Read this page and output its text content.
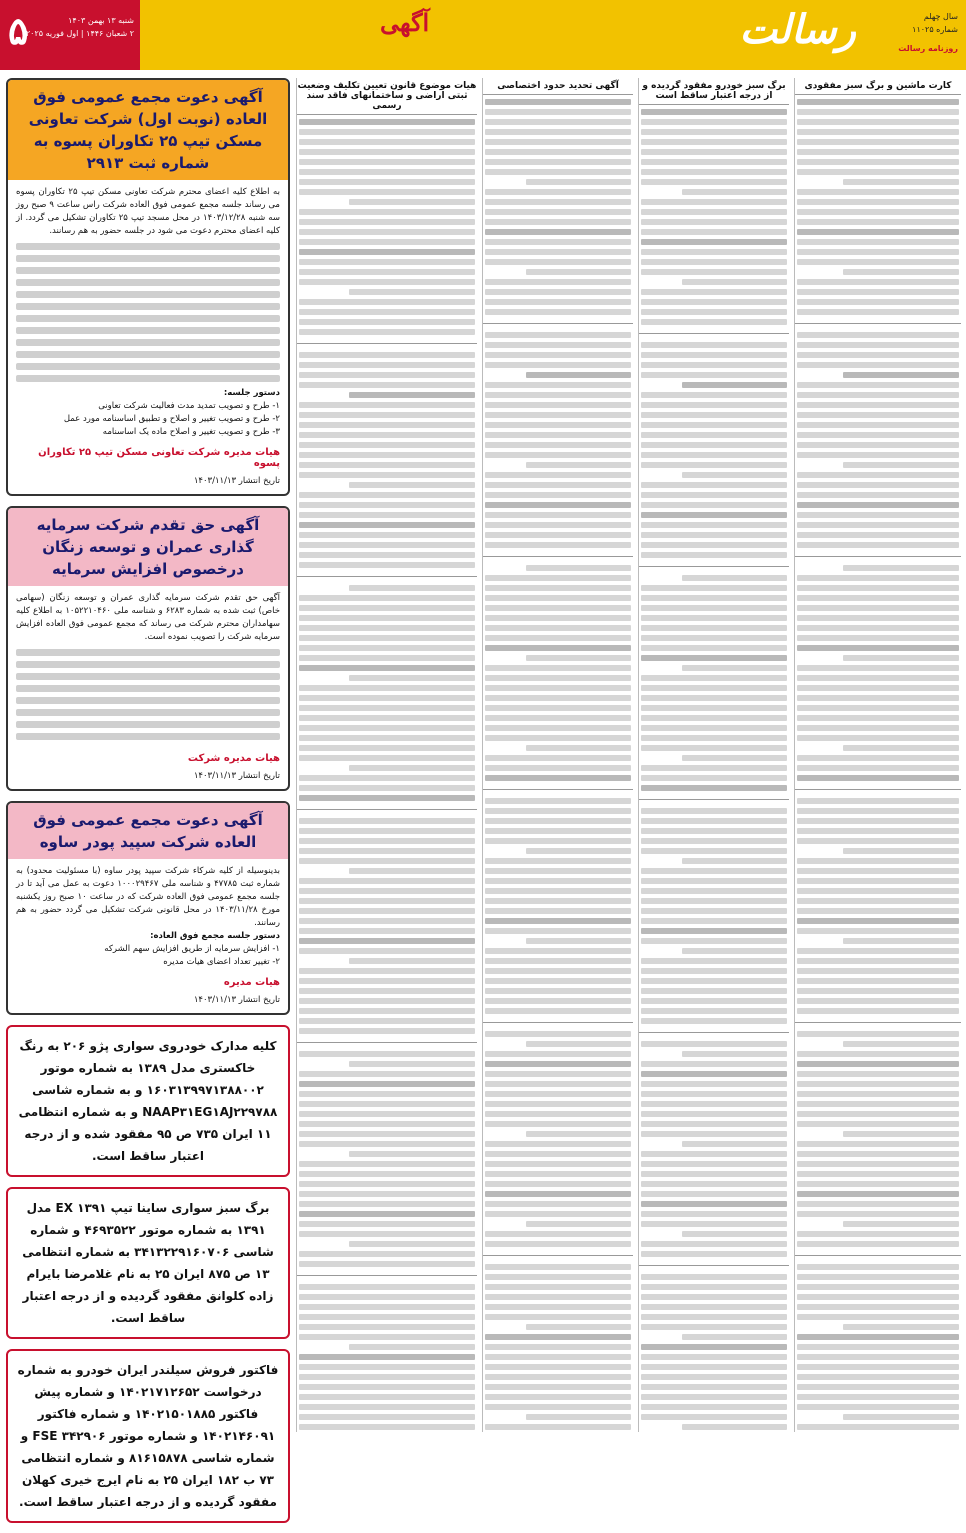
۵	شنبه ۱۳ بهمن ۱۴۰۳
۲ شعبان ۱۴۴۶ | اول فوریه ۲۰۲۵	آگهی	رسالت	سال چهلم
شماره ۱۱۰۲۵
روزنامه رسالت
آگهی دعوت مجمع عمومی فوق العاده (نوبت اول) شرکت تعاونی مسکن تیپ ۲۵ تکاوران پسوه به شماره ثبت ۲۹۱۳
به اطلاع کلیه اعضای محترم شرکت تعاونی مسکن تیپ ۲۵ تکاوران پسوه می رساند جلسه مجمع عمومی فوق العاده شرکت راس ساعت ۹ صبح روز سه شنبه ۱۴۰۳/۱۲/۲۸ در محل مسجد تیپ ۲۵ تکاوران تشکیل می گردد. از کلیه اعضای محترم دعوت می شود در جلسه حضور به هم رسانند.
دستور جلسه:
۱- طرح و تصویب تمدید مدت فعالیت شرکت تعاونی
۲- طرح و تصویب تغییر و اصلاح و تطبیق اساسنامه مورد عمل
۳- طرح و تصویب تغییر و اصلاح ماده یک اساسنامه
هیات مدیره شرکت تعاونی مسکن تیپ ۲۵ تکاوران پسوه
تاریخ انتشار ۱۴۰۳/۱۱/۱۳
آگهی حق تقدم شرکت سرمایه گذاری عمران و توسعه زنگان درخصوص افزایش سرمایه
آگهی حق تقدم شرکت سرمایه گذاری عمران و توسعه زنگان (سهامی خاص) ثبت شده به شماره ۶۲۸۳ و شناسه ملی ۱۰۵۲۲۱۰۴۶۰ به اطلاع کلیه سهامداران محترم شرکت می رساند که مجمع عمومی فوق العاده افزایش سرمایه شرکت را تصویب نموده است.
هیات مدیره شرکت
تاریخ انتشار ۱۴۰۳/۱۱/۱۳
آگهی دعوت مجمع عمومی فوق العاده شرکت سپید پودر ساوه
بدینوسیله از کلیه شرکاء شرکت سپید پودر ساوه (با مسئولیت محدود) به شماره ثبت ۴۷۷۸۵ و شناسه ملی ۱۰۰۰۲۹۴۶۷ دعوت به عمل می آید تا در جلسه مجمع عمومی فوق العاده شرکت که در ساعت ۱۰ صبح روز یکشنبه مورخ ۱۴۰۳/۱۱/۲۸ در محل قانونی شرکت تشکیل می گردد حضور به هم رسانند.
دستور جلسه مجمع فوق العاده:
۱- افزایش سرمایه از طریق افزایش سهم الشرکه
۲- تغییر تعداد اعضای هیات مدیره
هیات مدیره
تاریخ انتشار ۱۴۰۳/۱۱/۱۳
کلیه مدارک خودروی سواری پژو ۲۰۶ به رنگ خاکستری مدل ۱۳۸۹ به شماره موتور ۱۶۰۳۱۳۹۹۷۱۳۸۸۰۰۲ و به شماره شاسی NAAP۳۱EG۱AJ۲۲۹۷۸۸ و به شماره انتظامی ۱۱ ایران ۷۳۵ ص ۹۵ مفقود شده و از درجه اعتبار ساقط است.
برگ سبز سواری ساینا تیپ ۱۳۹۱ EX مدل ۱۳۹۱ به شماره موتور ۴۶۹۳۵۲۲ و شماره شاسی ۳۴۱۳۲۲۹۱۶۰۷۰۶ به شماره انتظامی ۱۳ ص ۸۷۵ ایران ۲۵ به نام غلامرضا بایرام زاده کلوانق مفقود گردیده و از درجه اعتبار ساقط است.
فاکتور فروش سیلندر ایران خودرو به شماره درخواست ۱۴۰۲۱۷۱۲۶۵۲ و شماره پیش فاکتور ۱۴۰۲۱۵۰۱۸۸۵ و شماره فاکتور ۱۴۰۲۱۴۶۰۹۱ و شماره موتور ۳۴۲۹۰۶ FSE و شماره شاسی ۸۱۶۱۵۸۷۸ و شماره انتظامی ۷۳ ب ۱۸۲ ایران ۲۵ به نام ایرج خیری کهلان مفقود گردیده و از درجه اعتبار ساقط است.
هیات موضوع قانون تعیین تکلیف وضعیت ثبتی اراضی و ساختمانهای فاقد سند رسمی
آگهی تحدید حدود اختصاصی	برگ سبز خودرو مفقود گردیده و از درجه اعتبار ساقط است
کارت ماشین و برگ سبز مفقودی
